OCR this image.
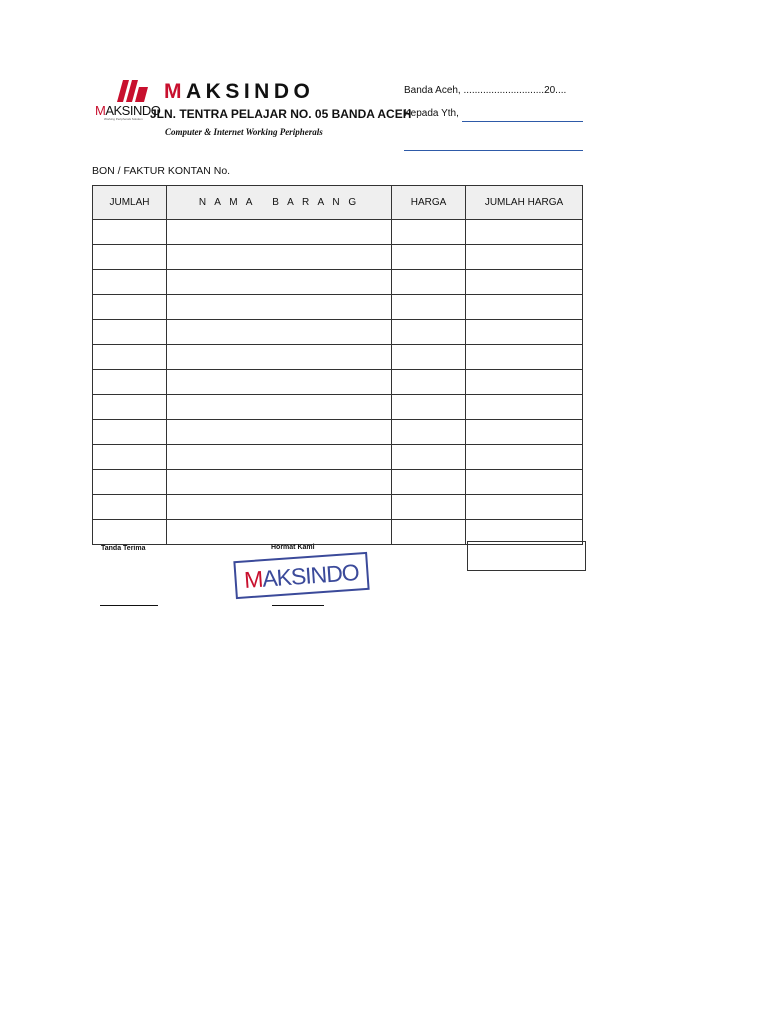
MAKSINDO
MAKSINDO
Working Peripherals Solution JLN. TENTRA PELAJAR NO. 05 BANDA ACEH
Computer & Internet Working Peripherals
Banda Aceh, .............................20....
Kepada Yth,
BON / FAKTUR KONTAN No.
JUMLAH	N A M A   B A R A N G	HARGA	JUMLAH HARGA

Tanda Terima	Hormat Kami
MAKSINDO
